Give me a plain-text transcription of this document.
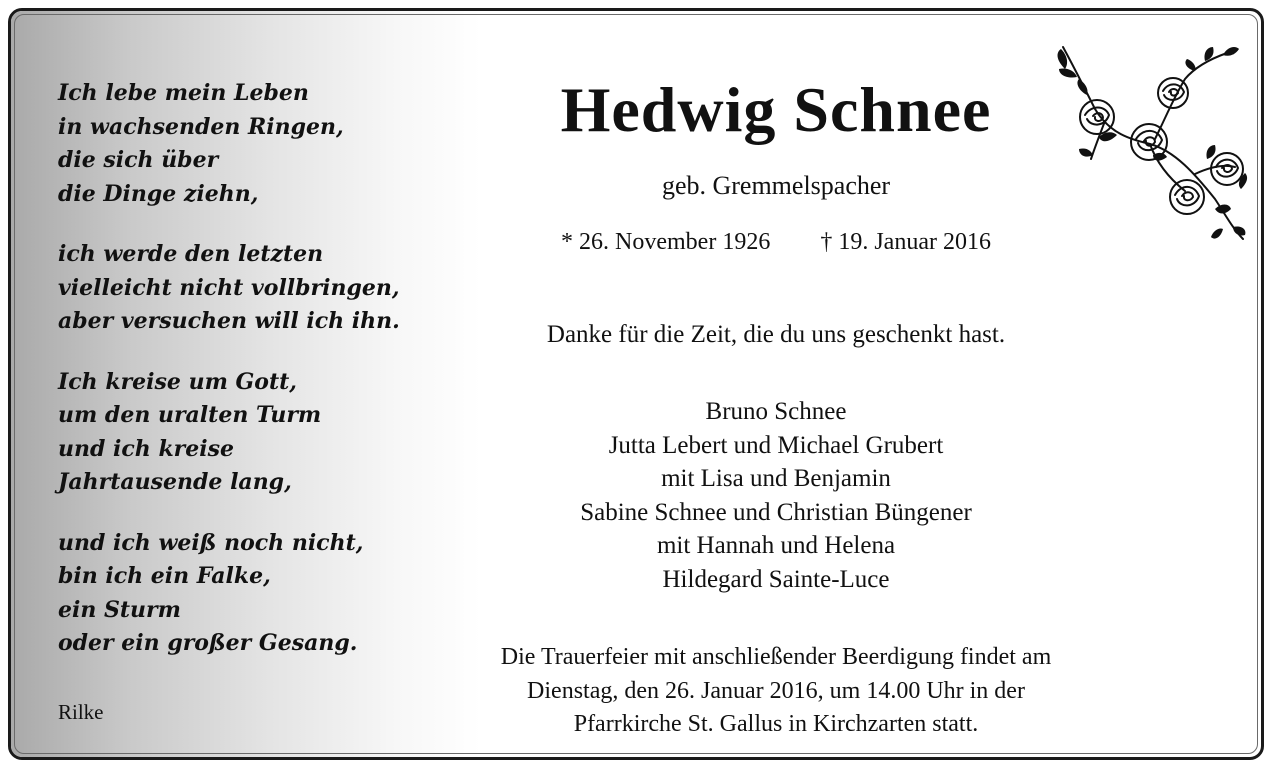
Ich lebe mein Leben
in wachsenden Ringen,
die sich über
die Dinge ziehn,
ich werde den letzten
vielleicht nicht vollbringen,
aber versuchen will ich ihn.
Ich kreise um Gott,
um den uralten Turm
und ich kreise
Jahrtausende lang,
und ich weiß noch nicht,
bin ich ein Falke,
ein Sturm
oder ein großer Gesang.
Rilke
Hedwig Schnee
geb. Gremmelspacher
* 26. November 1926 † 19. Januar 2016
Danke für die Zeit, die du uns geschenkt hast.
Bruno Schnee
Jutta Lebert und Michael Grubert
mit Lisa und Benjamin
Sabine Schnee und Christian Büngener
mit Hannah und Helena
Hildegard Sainte-Luce
Die Trauerfeier mit anschließender Beerdigung findet am
Dienstag, den 26. Januar 2016, um 14.00 Uhr in der
Pfarrkirche St. Gallus in Kirchzarten statt.
